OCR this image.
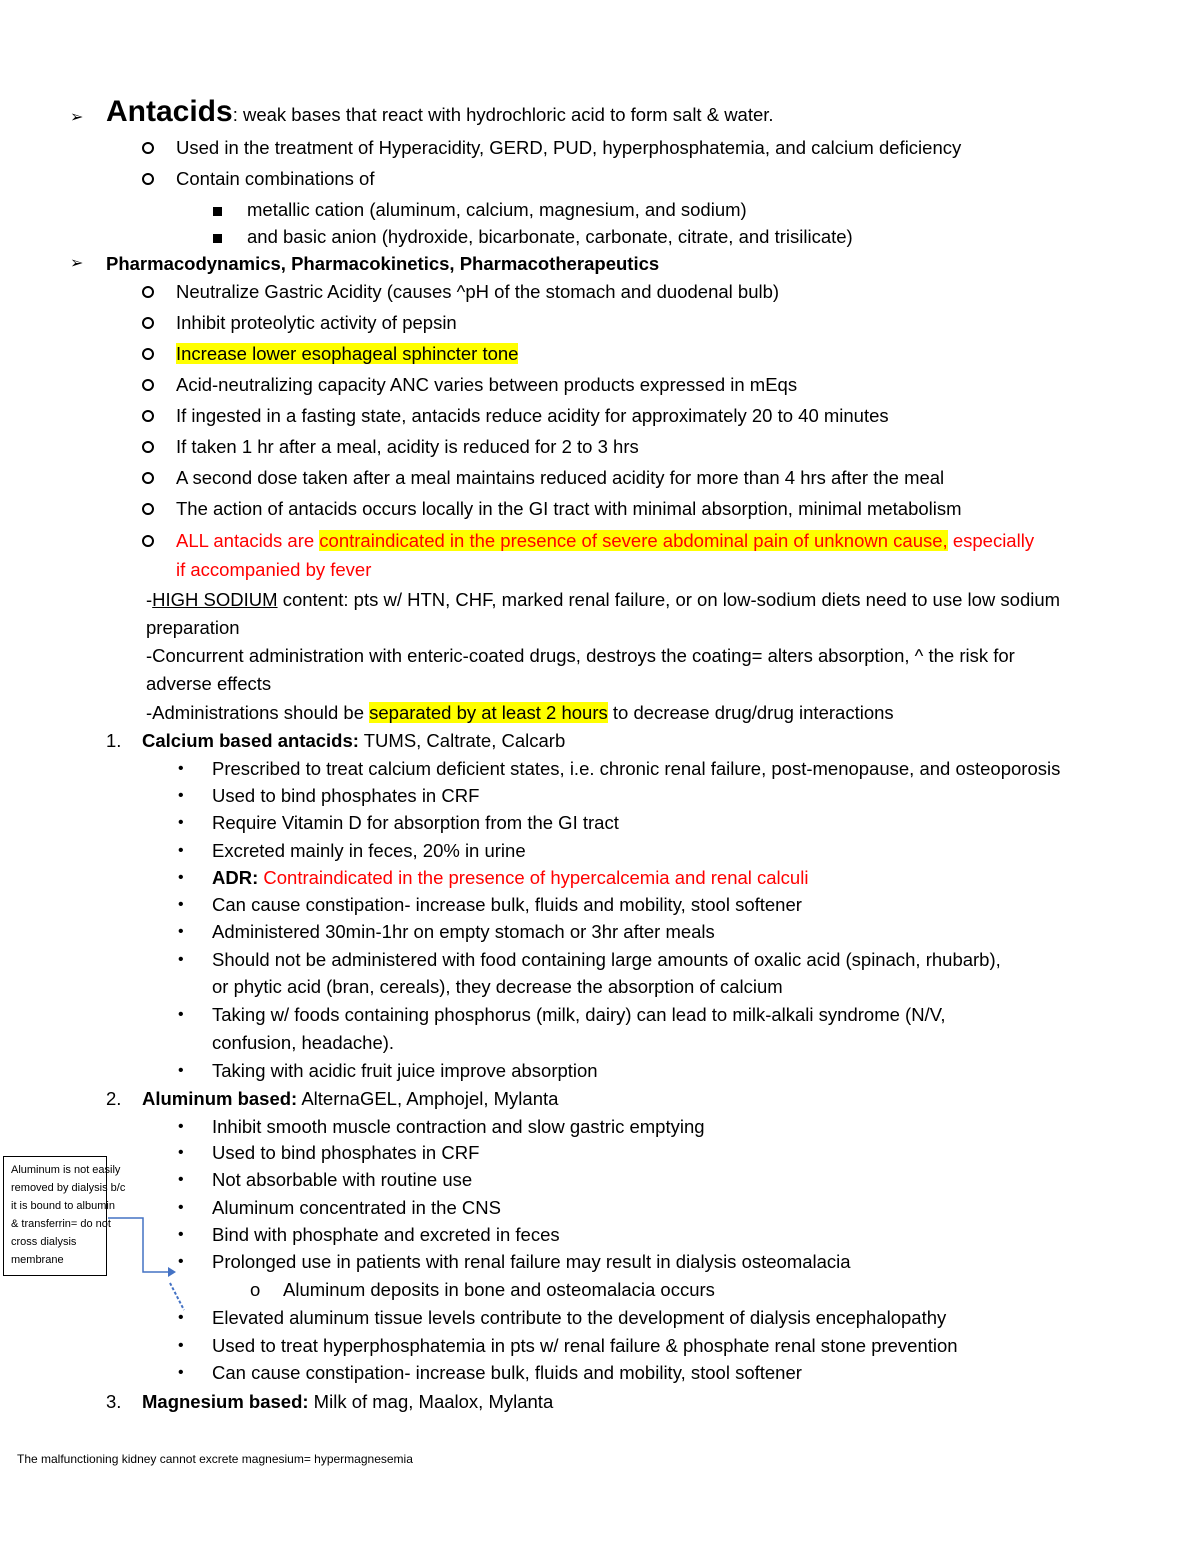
➢ Antacids: weak bases that react with hydrochloric acid to form salt & water.
Used in the treatment of Hyperacidity, GERD, PUD, hyperphosphatemia, and calcium deficiency
Contain combinations of
metallic cation (aluminum, calcium, magnesium, and sodium)
and basic anion (hydroxide, bicarbonate, carbonate, citrate, and trisilicate)
➢ Pharmacodynamics, Pharmacokinetics, Pharmacotherapeutics
Neutralize Gastric Acidity (causes ^pH of the stomach and duodenal bulb)
Inhibit proteolytic activity of pepsin
Increase lower esophageal sphincter tone
Acid-neutralizing capacity ANC varies between products expressed in mEqs
If ingested in a fasting state, antacids reduce acidity for approximately 20 to 40 minutes
If taken 1 hr after a meal, acidity is reduced for 2 to 3 hrs
A second dose taken after a meal maintains reduced acidity for more than 4 hrs after the meal
The action of antacids occurs locally in the GI tract with minimal absorption, minimal metabolism
ALL antacids are contraindicated in the presence of severe abdominal pain of unknown cause, especially
if accompanied by fever
-HIGH SODIUM content: pts w/ HTN, CHF, marked renal failure, or on low-sodium diets need to use low sodium
preparation
-Concurrent administration with enteric-coated drugs, destroys the coating= alters absorption, ^ the risk for
adverse effects
-Administrations should be separated by at least 2 hours to decrease drug/drug interactions
1. Calcium based antacids: TUMS, Caltrate, Calcarb
• Prescribed to treat calcium deficient states, i.e. chronic renal failure, post-menopause, and osteoporosis
• Used to bind phosphates in CRF
• Require Vitamin D for absorption from the GI tract
• Excreted mainly in feces, 20% in urine
• ADR: Contraindicated in the presence of hypercalcemia and renal calculi
• Can cause constipation- increase bulk, fluids and mobility, stool softener
• Administered 30min-1hr on empty stomach or 3hr after meals
• Should not be administered with food containing large amounts of oxalic acid (spinach, rhubarb),
or phytic acid (bran, cereals), they decrease the absorption of calcium
• Taking w/ foods containing phosphorus (milk, dairy) can lead to milk-alkali syndrome (N/V,
confusion, headache).
• Taking with acidic fruit juice improve absorption
2. Aluminum based: AlternaGEL, Amphojel, Mylanta
• Inhibit smooth muscle contraction and slow gastric emptying
• Used to bind phosphates in CRF
• Not absorbable with routine use
• Aluminum concentrated in the CNS
• Bind with phosphate and excreted in feces
• Prolonged use in patients with renal failure may result in dialysis osteomalacia
o Aluminum deposits in bone and osteomalacia occurs
• Elevated aluminum tissue levels contribute to the development of dialysis encephalopathy
• Used to treat hyperphosphatemia in pts w/ renal failure & phosphate renal stone prevention
• Can cause constipation- increase bulk, fluids and mobility, stool softener
3. Magnesium based: Milk of mag, Maalox, Mylanta
Aluminum is not easily
removed by dialysis b/c
it is bound to albumin
& transferrin= do not
cross dialysis
membrane
The malfunctioning kidney cannot excrete magnesium= hypermagnesemia
